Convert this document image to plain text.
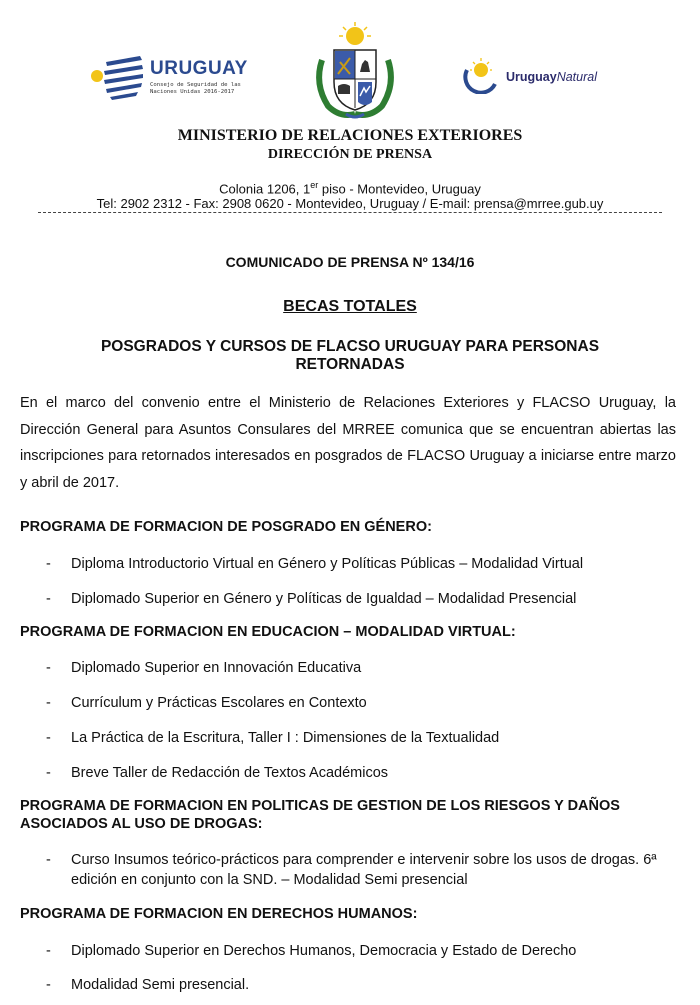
URUGUAY
Consejo de Seguridad de las Naciones Unidas 2016-2017
UruguayNatural
MINISTERIO DE RELACIONES EXTERIORES
DIRECCIÓN DE PRENSA
Colonia 1206, 1er piso - Montevideo, Uruguay
Tel: 2902 2312 - Fax: 2908 0620 - Montevideo, Uruguay / E-mail: prensa@mrree.gub.uy
COMUNICADO DE PRENSA Nº 134/16
BECAS TOTALES
POSGRADOS Y CURSOS DE FLACSO URUGUAY PARA PERSONAS RETORNADAS
En el marco del convenio entre el Ministerio de Relaciones Exteriores y FLACSO Uruguay, la Dirección General para Asuntos Consulares del MRREE comunica que se encuentran abiertas las inscripciones para retornados interesados en posgrados de FLACSO Uruguay a iniciarse entre marzo y abril de 2017.
PROGRAMA DE FORMACION DE POSGRADO EN GÉNERO:
-	Diploma Introductorio Virtual en Género y Políticas Públicas – Modalidad Virtual
-	Diplomado Superior en Género y Políticas de Igualdad – Modalidad Presencial
PROGRAMA DE FORMACION EN EDUCACION – MODALIDAD VIRTUAL:
-	Diplomado Superior en Innovación Educativa
-	Currículum y Prácticas Escolares en Contexto
-	La Práctica de la Escritura, Taller I : Dimensiones de la Textualidad
-	Breve Taller de Redacción de Textos Académicos
PROGRAMA DE FORMACION EN POLITICAS DE GESTION DE LOS RIESGOS Y DAÑOS ASOCIADOS AL USO DE DROGAS:
-	Curso Insumos teórico-prácticos para comprender e intervenir sobre los usos de drogas. 6ª edición en conjunto con la SND. – Modalidad Semi presencial
PROGRAMA DE FORMACION EN DERECHOS HUMANOS:
-	Diplomado Superior en Derechos Humanos, Democracia y Estado de Derecho
-	Modalidad Semi presencial.
